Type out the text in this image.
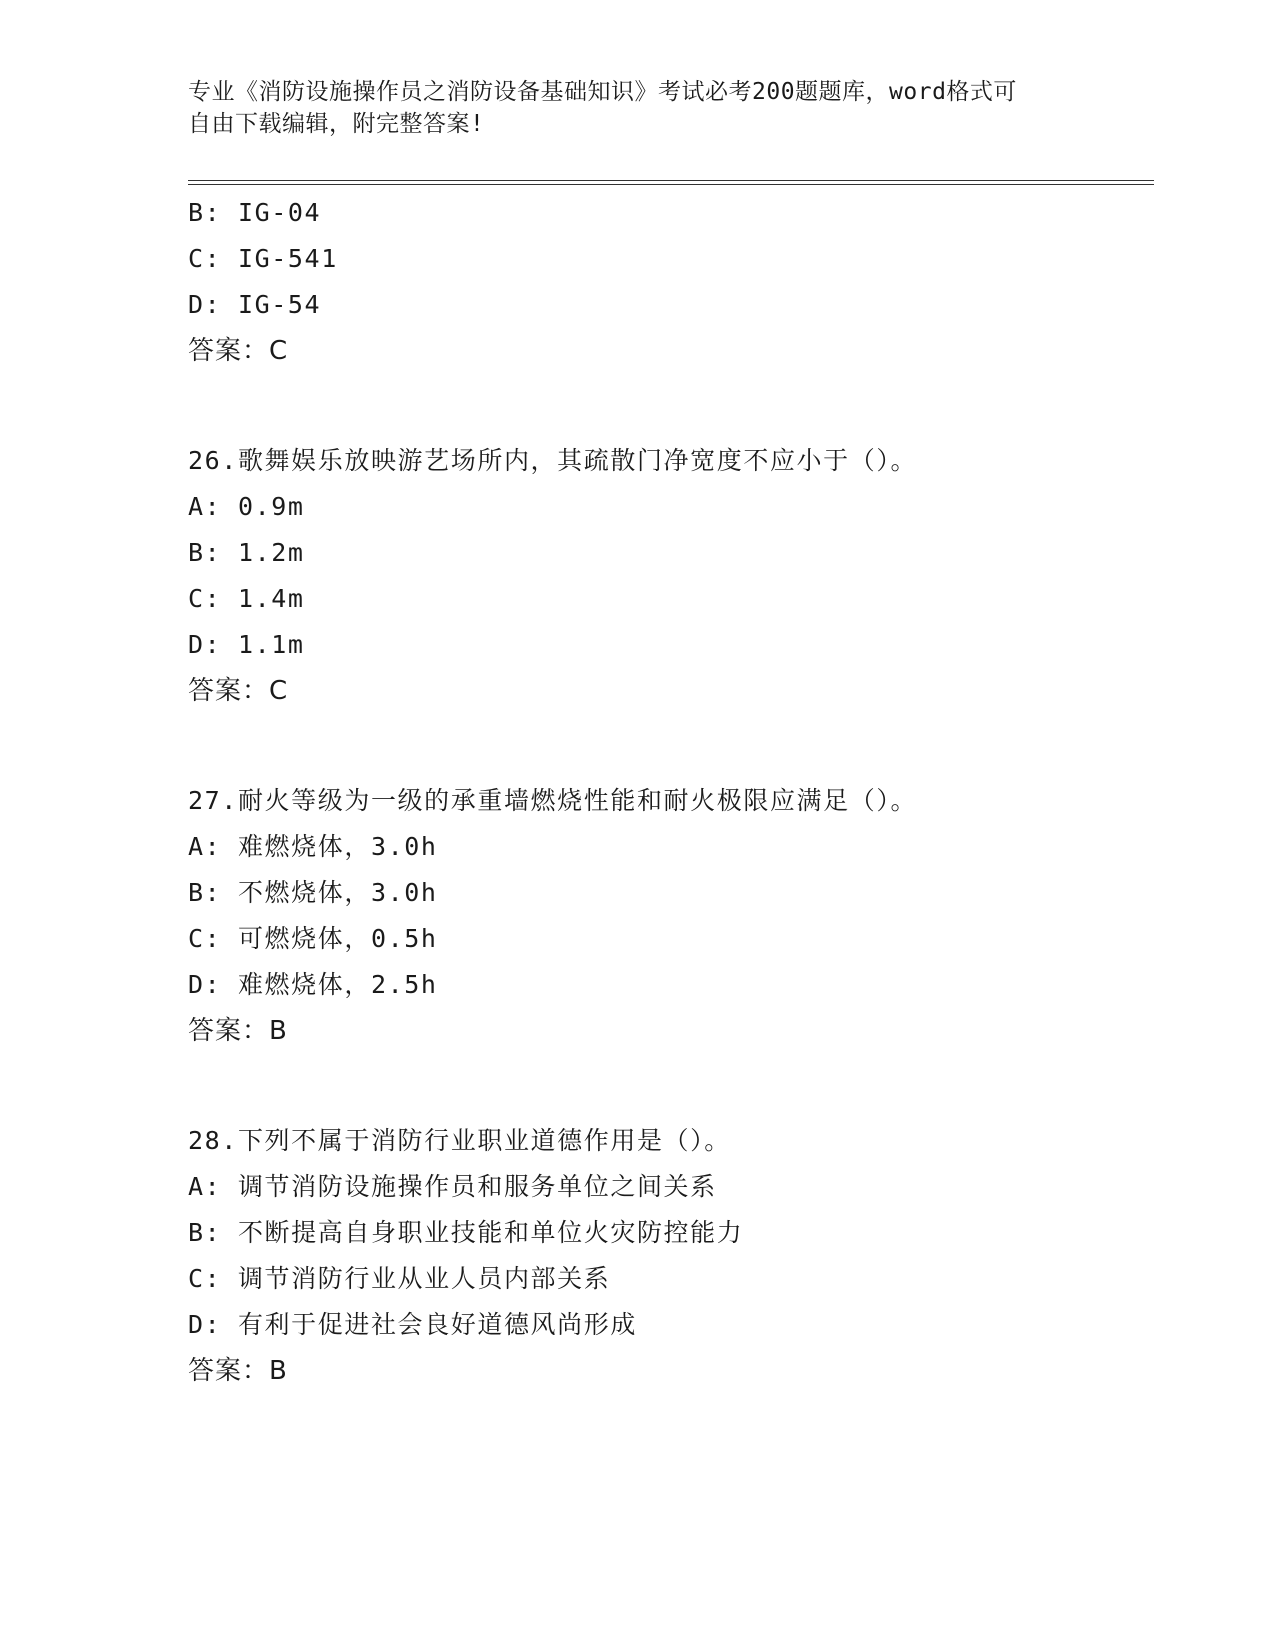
专业《消防设施操作员之消防设备基础知识》考试必考200题题库，word格式可
自由下载编辑，附完整答案!
B: IG-04
C: IG-541
D: IG-54
答案：C
26.歌舞娱乐放映游艺场所内，其疏散门净宽度不应小于（）。
A: 0.9m
B: 1.2m
C: 1.4m
D: 1.1m
答案：C
27.耐火等级为一级的承重墙燃烧性能和耐火极限应满足（）。
A: 难燃烧体，3.0h
B: 不燃烧体，3.0h
C: 可燃烧体，0.5h
D: 难燃烧体，2.5h
答案：B
28.下列不属于消防行业职业道德作用是（）。
A: 调节消防设施操作员和服务单位之间关系
B: 不断提高自身职业技能和单位火灾防控能力
C: 调节消防行业从业人员内部关系
D: 有利于促进社会良好道德风尚形成
答案：B
